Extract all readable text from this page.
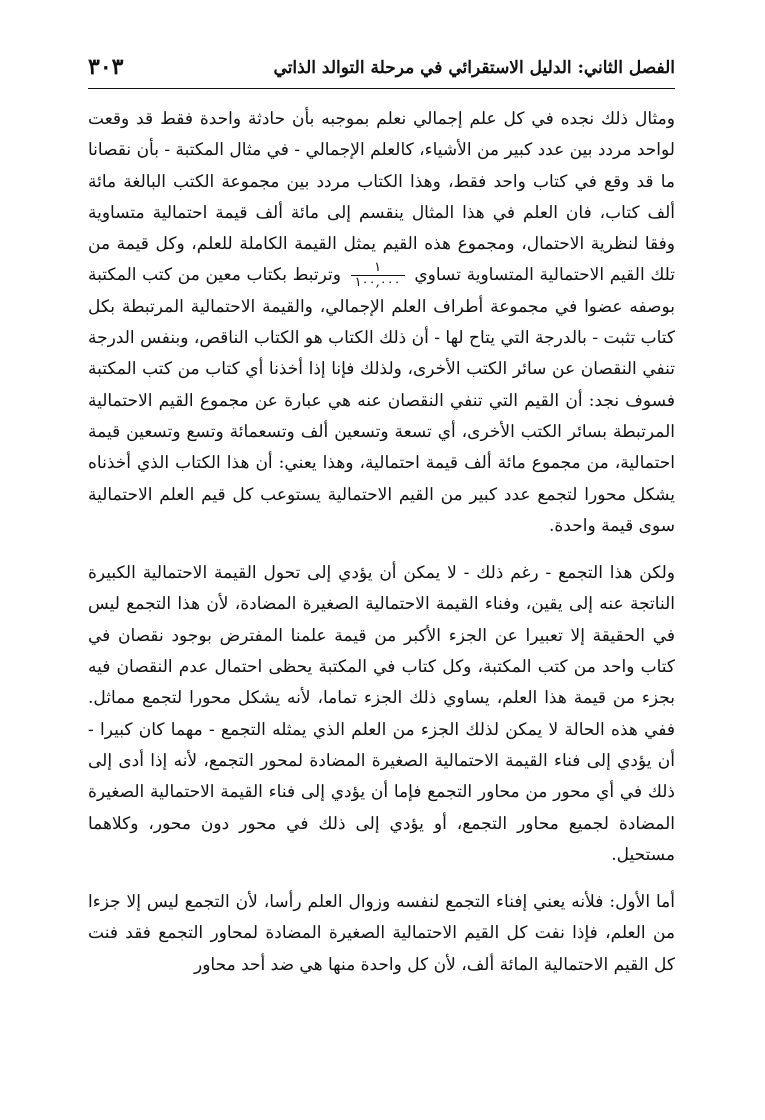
الفصل الثاني: الدليل الاستقرائي في مرحلة التوالد الذاتي
٣٠٣

ومثال ذلك نجده في كل علم إجمالي نعلم بموجبه بأن حادثة واحدة فقط قد وقعت لواحد مردد بين عدد كبير من الأشياء، كالعلم الإجمالي - في مثال المكتبة - بأن نقصانا ما قد وقع في كتاب واحد فقط، وهذا الكتاب مردد بين مجموعة الكتب البالغة مائة ألف كتاب، فان العلم في هذا المثال ينقسم إلى مائة ألف قيمة احتمالية متساوية وفقا لنظرية الاحتمال، ومجموع هذه القيم يمثل القيمة الكاملة للعلم، وكل قيمة من تلك القيم الاحتمالية المتساوية تساوي
$\frac{١}{١٠٠,٠٠٠}$
وترتبط بكتاب معين من كتب المكتبة بوصفه عضوا في مجموعة أطراف العلم الإجمالي، والقيمة الاحتمالية المرتبطة بكل كتاب تثبت - بالدرجة التي يتاح لها - أن ذلك الكتاب هو الكتاب الناقص، وبنفس الدرجة تنفي النقصان عن سائر الكتب الأخرى، ولذلك فإنا إذا أخذنا أي كتاب من كتب المكتبة فسوف نجد: أن القيم التي تنفي النقصان عنه هي عبارة عن مجموع القيم الاحتمالية المرتبطة بسائر الكتب الأخرى، أي تسعة وتسعين ألف وتسعمائة وتسع وتسعين قيمة احتمالية، من مجموع مائة ألف قيمة احتمالية، وهذا يعني: أن هذا الكتاب الذي أخذناه يشكل محورا لتجمع عدد كبير من القيم الاحتمالية يستوعب كل قيم العلم الاحتمالية سوى قيمة واحدة.

ولكن هذا التجمع - رغم ذلك - لا يمكن أن يؤدي إلى تحول القيمة الاحتمالية الكبيرة الناتجة عنه إلى يقين، وفناء القيمة الاحتمالية الصغيرة المضادة، لأن هذا التجمع ليس في الحقيقة إلا تعبيرا عن الجزء الأكبر من قيمة علمنا المفترض بوجود نقصان في كتاب واحد من كتب المكتبة، وكل كتاب في المكتبة يحظى احتمال عدم النقصان فيه بجزء من قيمة هذا العلم، يساوي ذلك الجزء تماما، لأنه يشكل محورا لتجمع مماثل. ففي هذه الحالة لا يمكن لذلك الجزء من العلم الذي يمثله التجمع - مهما كان كبيرا - أن يؤدي إلى فناء القيمة الاحتمالية الصغيرة المضادة لمحور التجمع، لأنه إذا أدى إلى ذلك في أي محور من محاور التجمع فإما أن يؤدي إلى فناء القيمة الاحتمالية الصغيرة المضادة لجميع محاور التجمع، أو يؤدي إلى ذلك في محور دون محور، وكلاهما مستحيل.

أما الأول: فلأنه يعني إفناء التجمع لنفسه وزوال العلم رأسا، لأن التجمع ليس إلا جزءا من العلم، فإذا نفت كل القيم الاحتمالية الصغيرة المضادة لمحاور التجمع فقد فنت كل القيم الاحتمالية المائة ألف، لأن كل واحدة منها هي ضد أحد محاور
